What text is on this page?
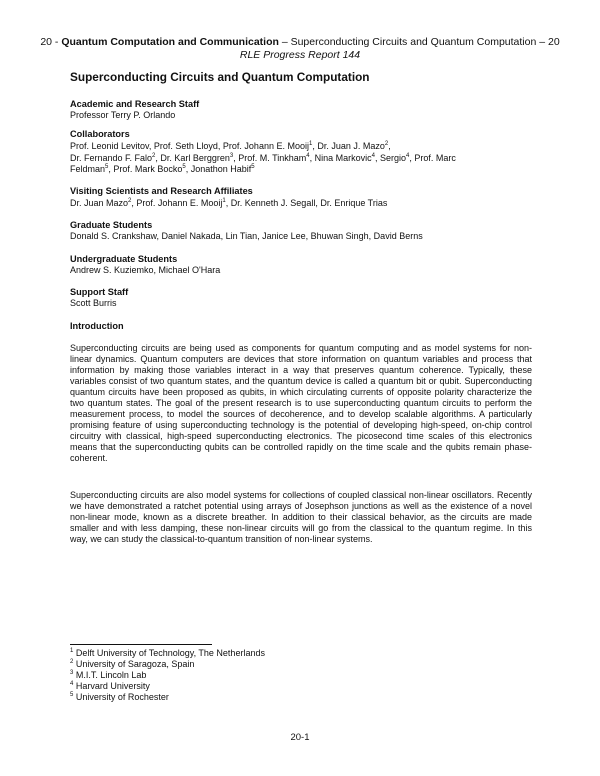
20 - Quantum Computation and Communication – Superconducting Circuits and Quantum Computation – 20
RLE Progress Report 144
Superconducting Circuits and Quantum Computation
Academic and Research Staff
Professor Terry P. Orlando
Collaborators
Prof. Leonid Levitov, Prof. Seth Lloyd, Prof. Johann E. Mooij$^1$, Dr. Juan J. Mazo$^2$,
Dr. Fernando F. Falo$^2$, Dr. Karl Berggren$^3$, Prof. M. Tinkham$^4$, Nina Markovic$^4$, Sergio$^4$, Prof. Marc
Feldman$^5$, Prof. Mark Bocko$^5$, Jonathon Habif$^5$
Visiting Scientists and Research Affiliates
Dr. Juan Mazo$^2$, Prof. Johann E. Mooij$^1$, Dr. Kenneth J. Segall, Dr. Enrique Trias
Graduate Students
Donald S. Crankshaw, Daniel Nakada, Lin Tian, Janice Lee, Bhuwan Singh, David Berns
Undergraduate Students
Andrew S. Kuziemko, Michael O'Hara
Support Staff
Scott Burris
Introduction
Superconducting circuits are being used as components for quantum computing and as model systems for non-linear dynamics. Quantum computers are devices that store information on quantum variables and process that information by making those variables interact in a way that preserves quantum coherence. Typically, these variables consist of two quantum states, and the quantum device is called a quantum bit or qubit. Superconducting quantum circuits have been proposed as qubits, in which circulating currents of opposite polarity characterize the two quantum states. The goal of the present research is to use superconducting quantum circuits to perform the measurement process, to model the sources of decoherence, and to develop scalable algorithms. A particularly promising feature of using superconducting technology is the potential of developing high-speed, on-chip control circuitry with classical, high-speed superconducting electronics. The picosecond time scales of this electronics means that the superconducting qubits can be controlled rapidly on the time scale and the qubits remain phase-coherent.
Superconducting circuits are also model systems for collections of coupled classical non-linear oscillators. Recently we have demonstrated a ratchet potential using arrays of Josephson junctions as well as the existence of a novel non-linear mode, known as a discrete breather. In addition to their classical behavior, as the circuits are made smaller and with less damping, these non-linear circuits will go from the classical to the quantum regime. In this way, we can study the classical-to-quantum transition of non-linear systems.
$^1$ Delft University of Technology, The Netherlands
$^2$ University of Saragoza, Spain
$^3$ M.I.T. Lincoln Lab
$^4$ Harvard University
$^5$ University of Rochester
20-1
